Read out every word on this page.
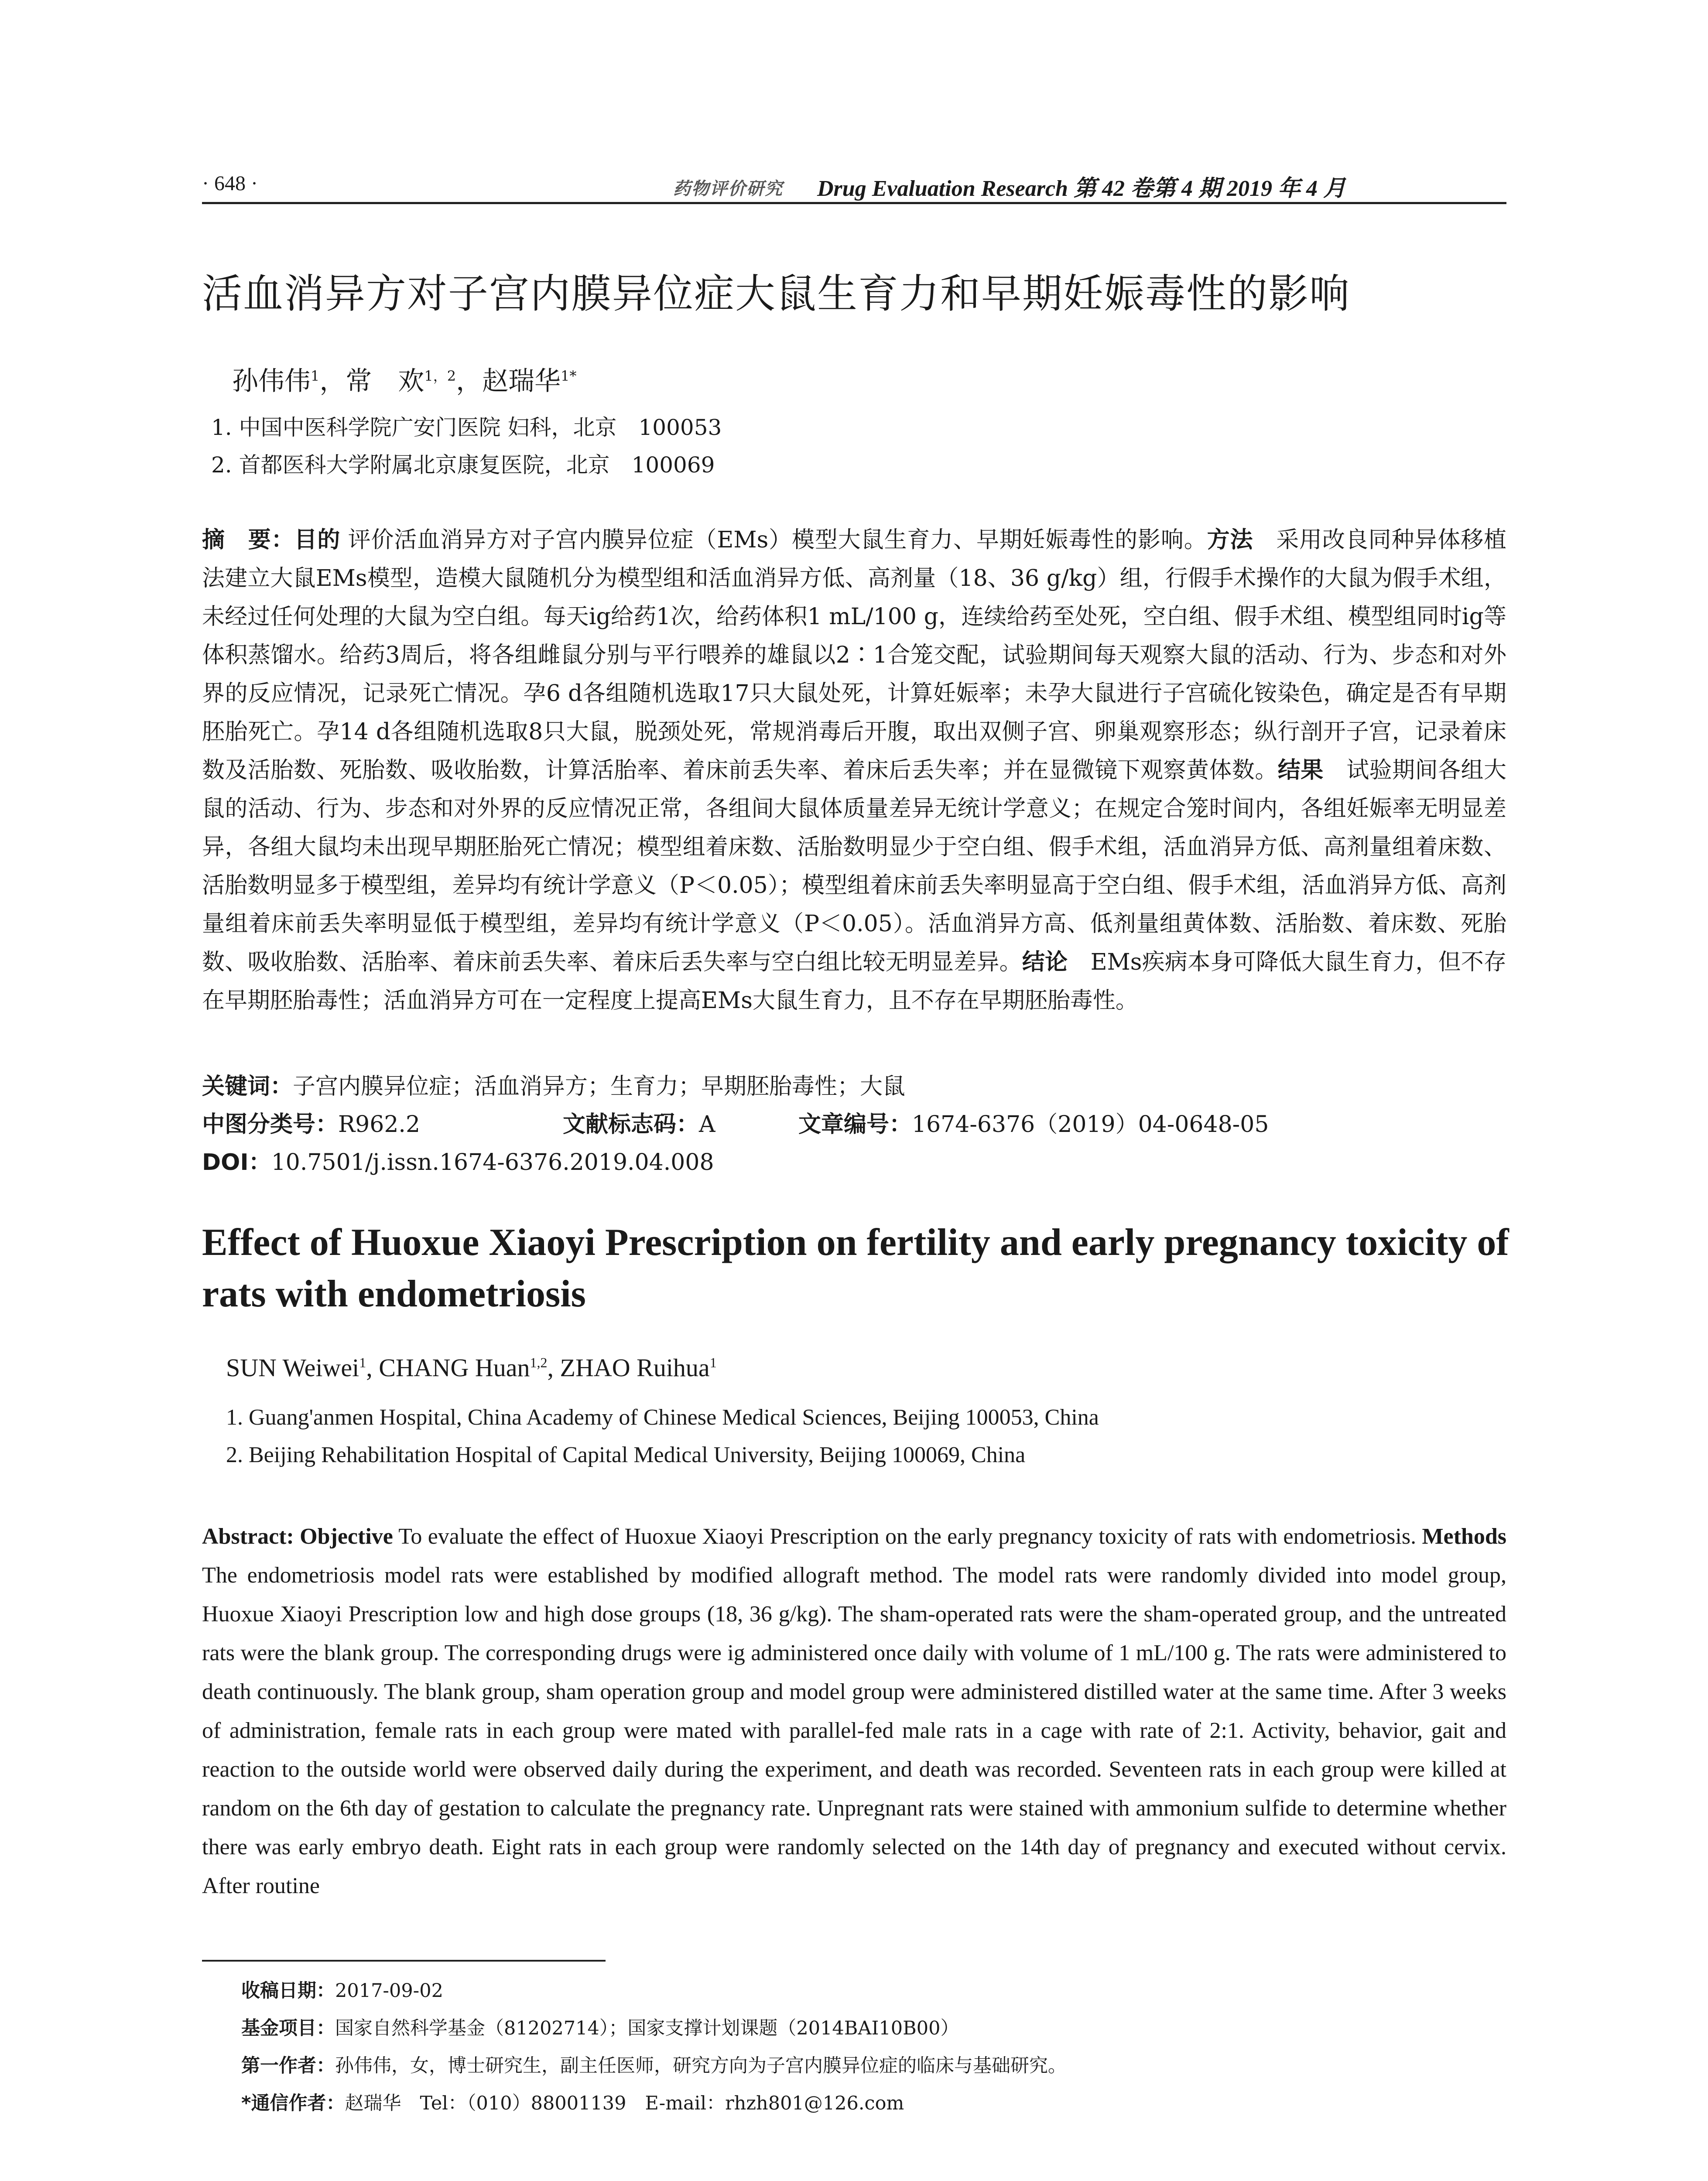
· 648 ·	药物评价研究 Drug Evaluation Research 第 42 卷第 4 期 2019 年 4 月
活血消异方对子宫内膜异位症大鼠生育力和早期妊娠毒性的影响
孙伟伟$^1$，常　欢$^{1,2}$，赵瑞华$^{1*}$
1. 中国中医科学院广安门医院 妇科，北京　100053
2. 首都医科大学附属北京康复医院，北京　100069
摘　要：目的 评价活血消异方对子宫内膜异位症（EMs）模型大鼠生育力、早期妊娠毒性的影响。方法　采用改良同种异体移植法建立大鼠EMs模型，造模大鼠随机分为模型组和活血消异方低、高剂量（18、36 g/kg）组，行假手术操作的大鼠为假手术组，未经过任何处理的大鼠为空白组。每天ig给药1次，给药体积1 mL/100 g，连续给药至处死，空白组、假手术组、模型组同时ig等体积蒸馏水。给药3周后，将各组雌鼠分别与平行喂养的雄鼠以2∶1合笼交配，试验期间每天观察大鼠的活动、行为、步态和对外界的反应情况，记录死亡情况。孕6 d各组随机选取17只大鼠处死，计算妊娠率；未孕大鼠进行子宫硫化铵染色，确定是否有早期胚胎死亡。孕14 d各组随机选取8只大鼠，脱颈处死，常规消毒后开腹，取出双侧子宫、卵巢观察形态；纵行剖开子宫，记录着床数及活胎数、死胎数、吸收胎数，计算活胎率、着床前丢失率、着床后丢失率；并在显微镜下观察黄体数。结果　试验期间各组大鼠的活动、行为、步态和对外界的反应情况正常，各组间大鼠体质量差异无统计学意义；在规定合笼时间内，各组妊娠率无明显差异，各组大鼠均未出现早期胚胎死亡情况；模型组着床数、活胎数明显少于空白组、假手术组，活血消异方低、高剂量组着床数、活胎数明显多于模型组，差异均有统计学意义（P＜0.05）；模型组着床前丢失率明显高于空白组、假手术组，活血消异方低、高剂量组着床前丢失率明显低于模型组，差异均有统计学意义（P＜0.05）。活血消异方高、低剂量组黄体数、活胎数、着床数、死胎数、吸收胎数、活胎率、着床前丢失率、着床后丢失率与空白组比较无明显差异。结论　EMs疾病本身可降低大鼠生育力，但不存在早期胚胎毒性；活血消异方可在一定程度上提高EMs大鼠生育力，且不存在早期胚胎毒性。
关键词：子宫内膜异位症；活血消异方；生育力；早期胚胎毒性；大鼠
中图分类号：R962.2	文献标志码：A	文章编号：1674-6376（2019）04-0648-05
DOI：10.7501/j.issn.1674-6376.2019.04.008
Effect of Huoxue Xiaoyi Prescription on fertility and early pregnancy toxicity of rats with endometriosis
SUN Weiwei$^1$, CHANG Huan$^{1,2}$, ZHAO Ruihua$^1$
1. Guang'anmen Hospital, China Academy of Chinese Medical Sciences, Beijing 100053, China
2. Beijing Rehabilitation Hospital of Capital Medical University, Beijing 100069, China
Abstract: Objective To evaluate the effect of Huoxue Xiaoyi Prescription on the early pregnancy toxicity of rats with endometriosis. Methods The endometriosis model rats were established by modified allograft method. The model rats were randomly divided into model group, Huoxue Xiaoyi Prescription low and high dose groups (18, 36 g/kg). The sham-operated rats were the sham-operated group, and the untreated rats were the blank group. The corresponding drugs were ig administered once daily with volume of 1 mL/100 g. The rats were administered to death continuously. The blank group, sham operation group and model group were administered distilled water at the same time. After 3 weeks of administration, female rats in each group were mated with parallel-fed male rats in a cage with rate of 2:1. Activity, behavior, gait and reaction to the outside world were observed daily during the experiment, and death was recorded. Seventeen rats in each group were killed at random on the 6th day of gestation to calculate the pregnancy rate. Unpregnant rats were stained with ammonium sulfide to determine whether there was early embryo death. Eight rats in each group were randomly selected on the 14th day of pregnancy and executed without cervix. After routine
收稿日期：2017-09-02
基金项目：国家自然科学基金（81202714）；国家支撑计划课题（2014BAI10B00）
第一作者：孙伟伟，女，博士研究生，副主任医师，研究方向为子宫内膜异位症的临床与基础研究。
*通信作者：赵瑞华　Tel：（010）88001139　E-mail：rhzh801@126.com
